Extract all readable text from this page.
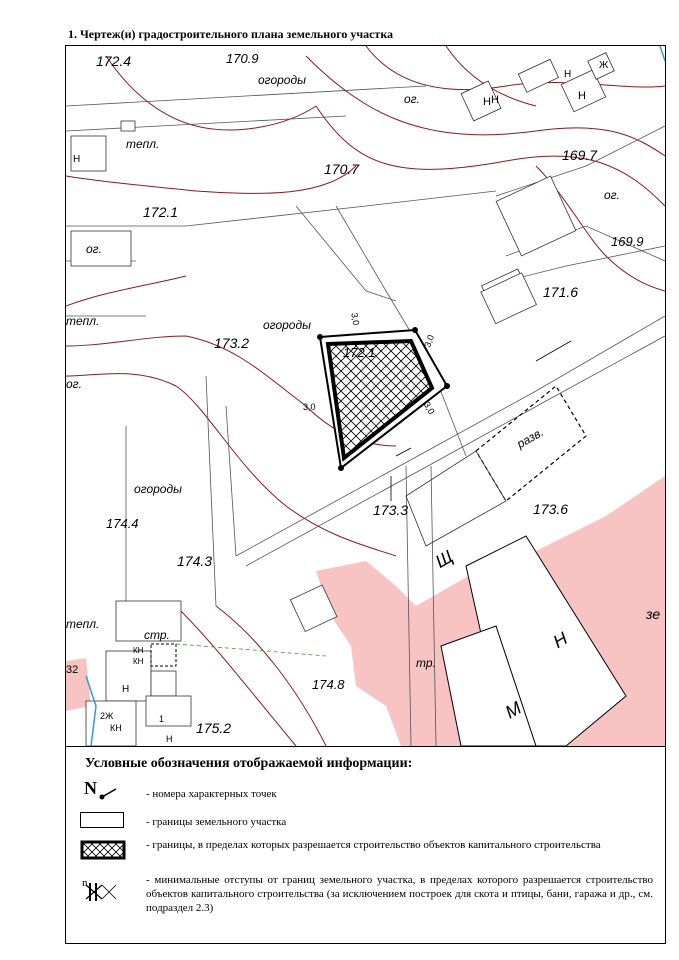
1. Чертеж(и) градостроительного плана земельного участка
172.4	170.9
170.7
169.7
172.1
169.9
171.6
173.2
172.1
173.3	173.6
174.4
174.3
174.8
175.2
огороды
огороды
огороды
ог.
ог.
ог.
ог.
тепл.
тепл.
тепл.
разв.
стр.
тр.
Щ
Н
М
зе
Н
Н	Н
Н
Ж
Н
Н
КН
КН
2Ж
КН
Н
32
1
3,0
3,0
3,0
3,0
Условные обозначения отображаемой информации:
N	- номера характерных точек
- границы земельного участка
- границы, в пределах которых разрешается строительство объектов капитального строительства
n	- минимальные отступы от границ земельного участка, в пределах которого разрешается строительство объектов капитального строительства (за исключением построек для скота и птицы, бани, гаража и др., см. подраздел 2.3)
